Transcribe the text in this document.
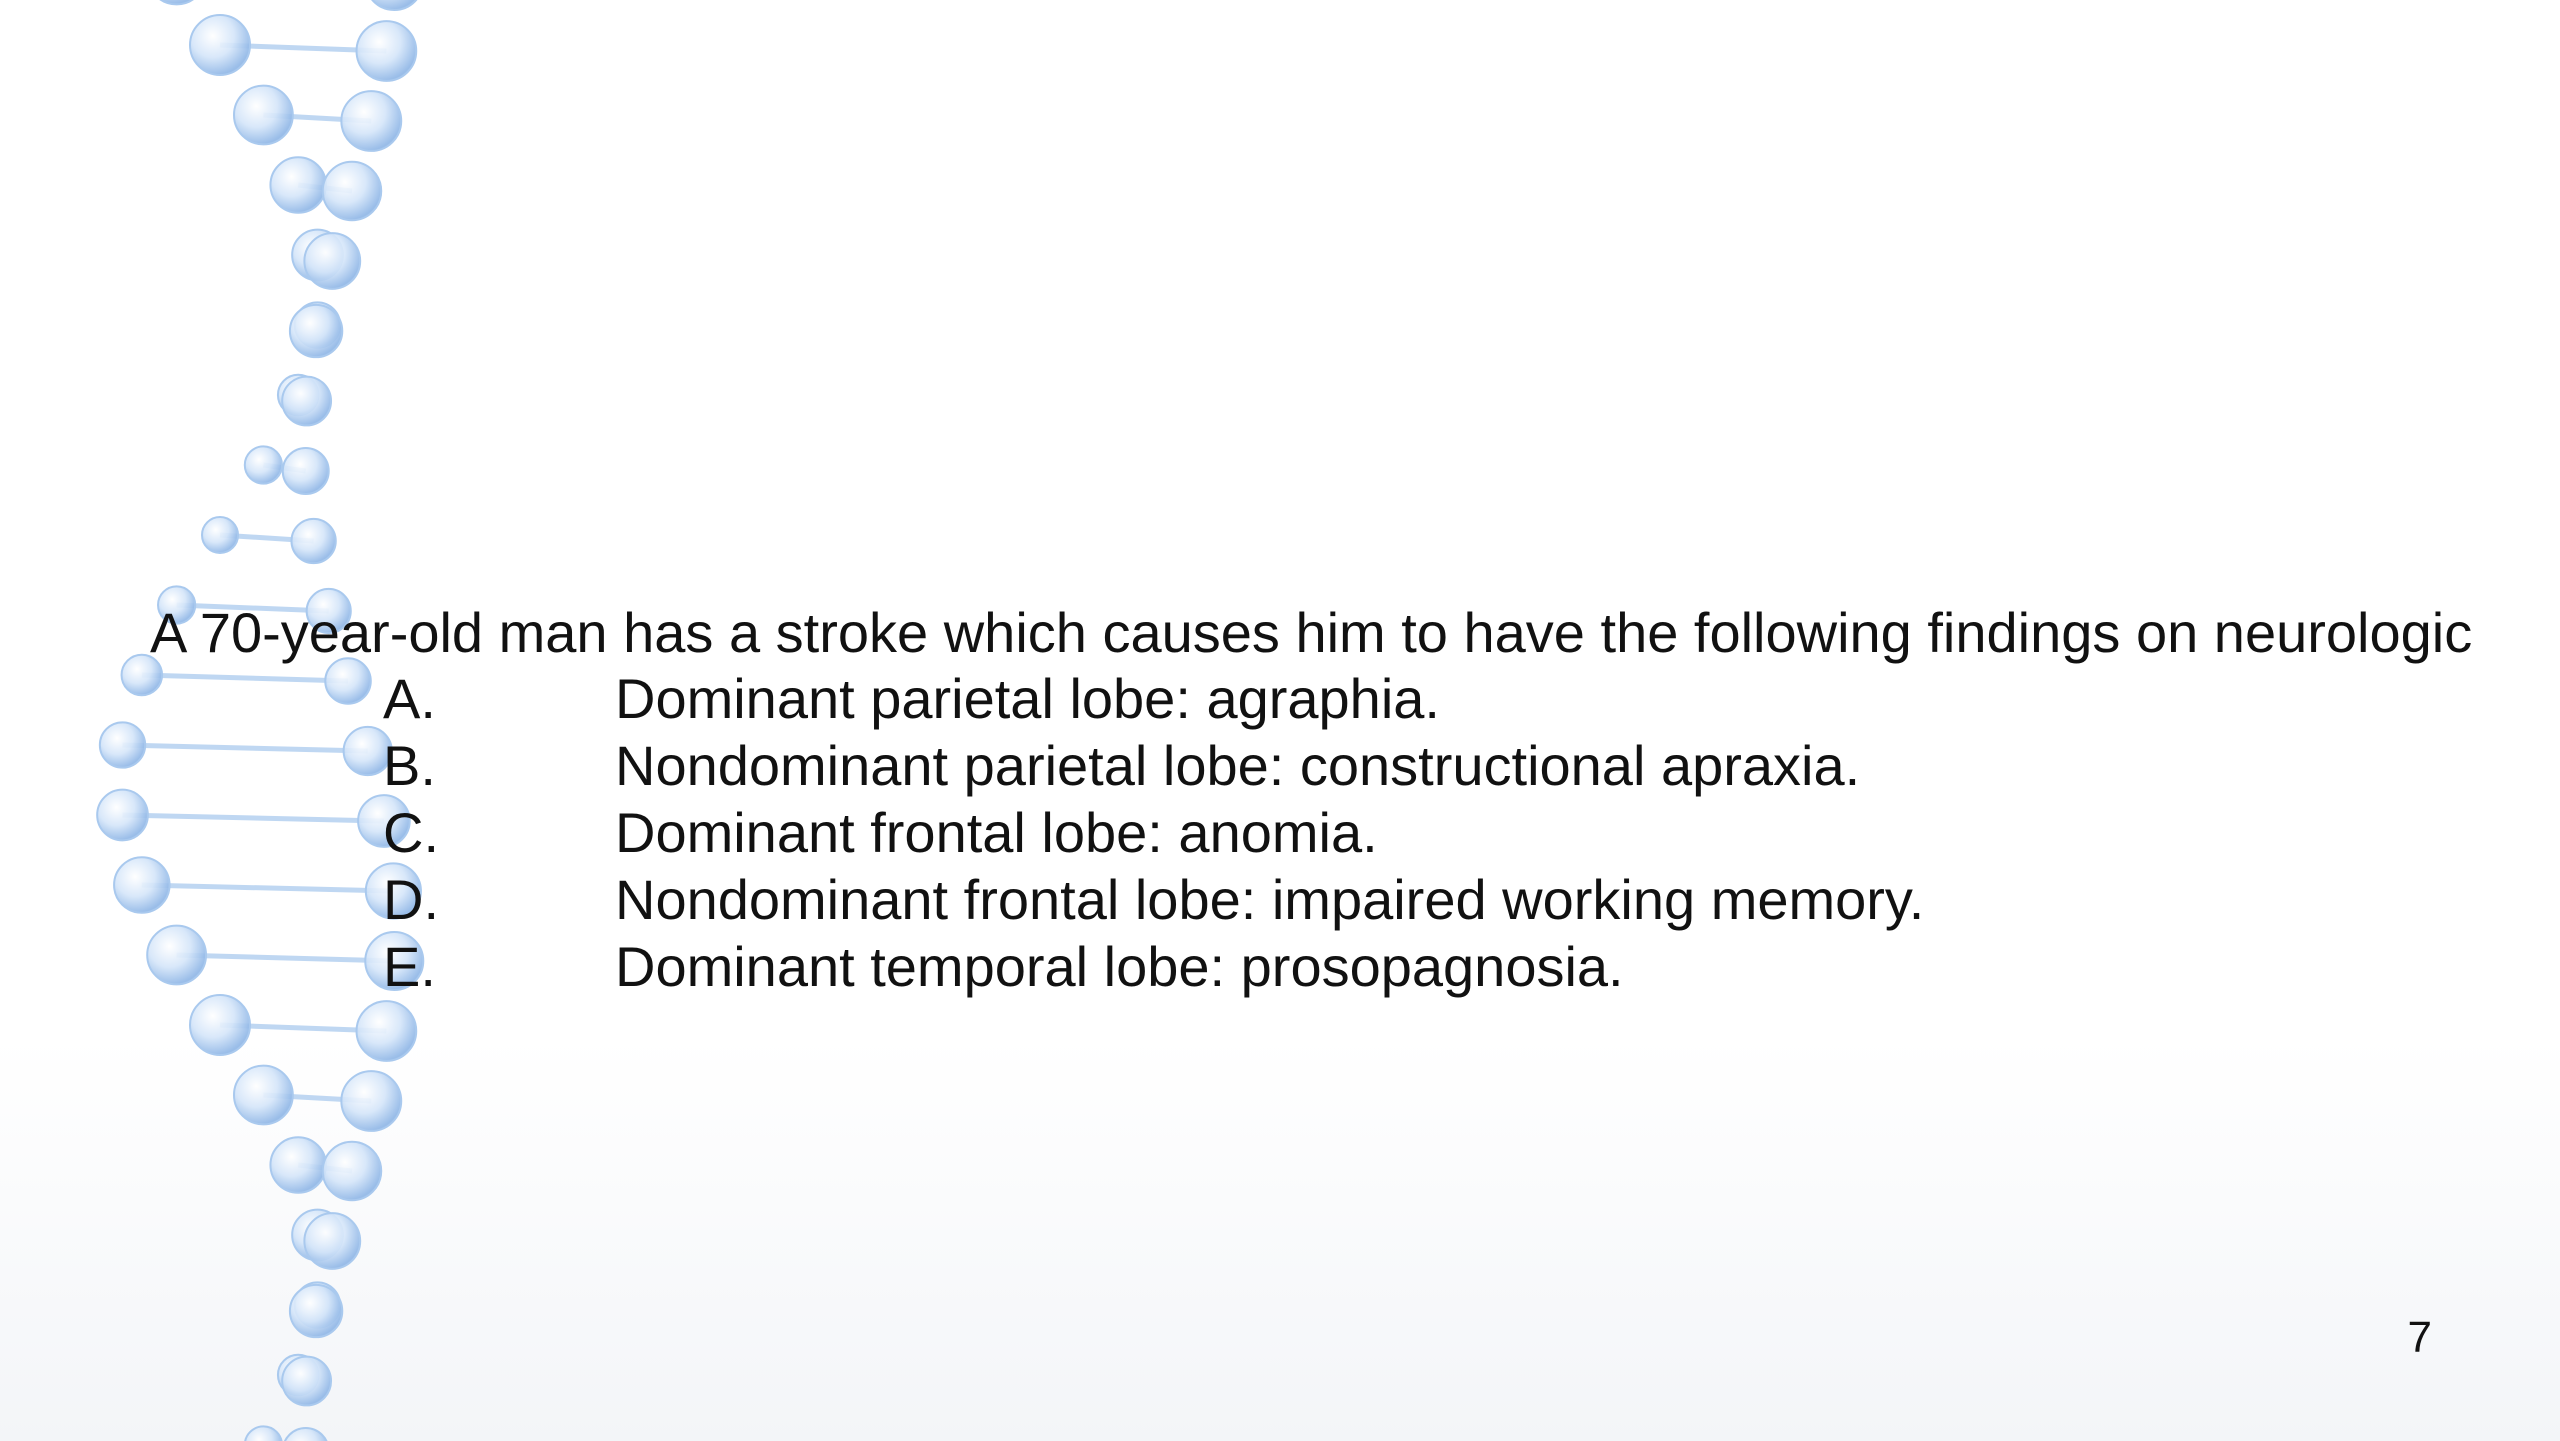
A 70-year-old man has a stroke which causes him to have the following findings on neurologic

A.	Dominant parietal lobe: agraphia.
B.	Nondominant parietal lobe: constructional apraxia.
C.	Dominant frontal lobe: anomia.
D.	Nondominant frontal lobe: impaired working memory.
E.	Dominant temporal lobe: prosopagnosia.
7
